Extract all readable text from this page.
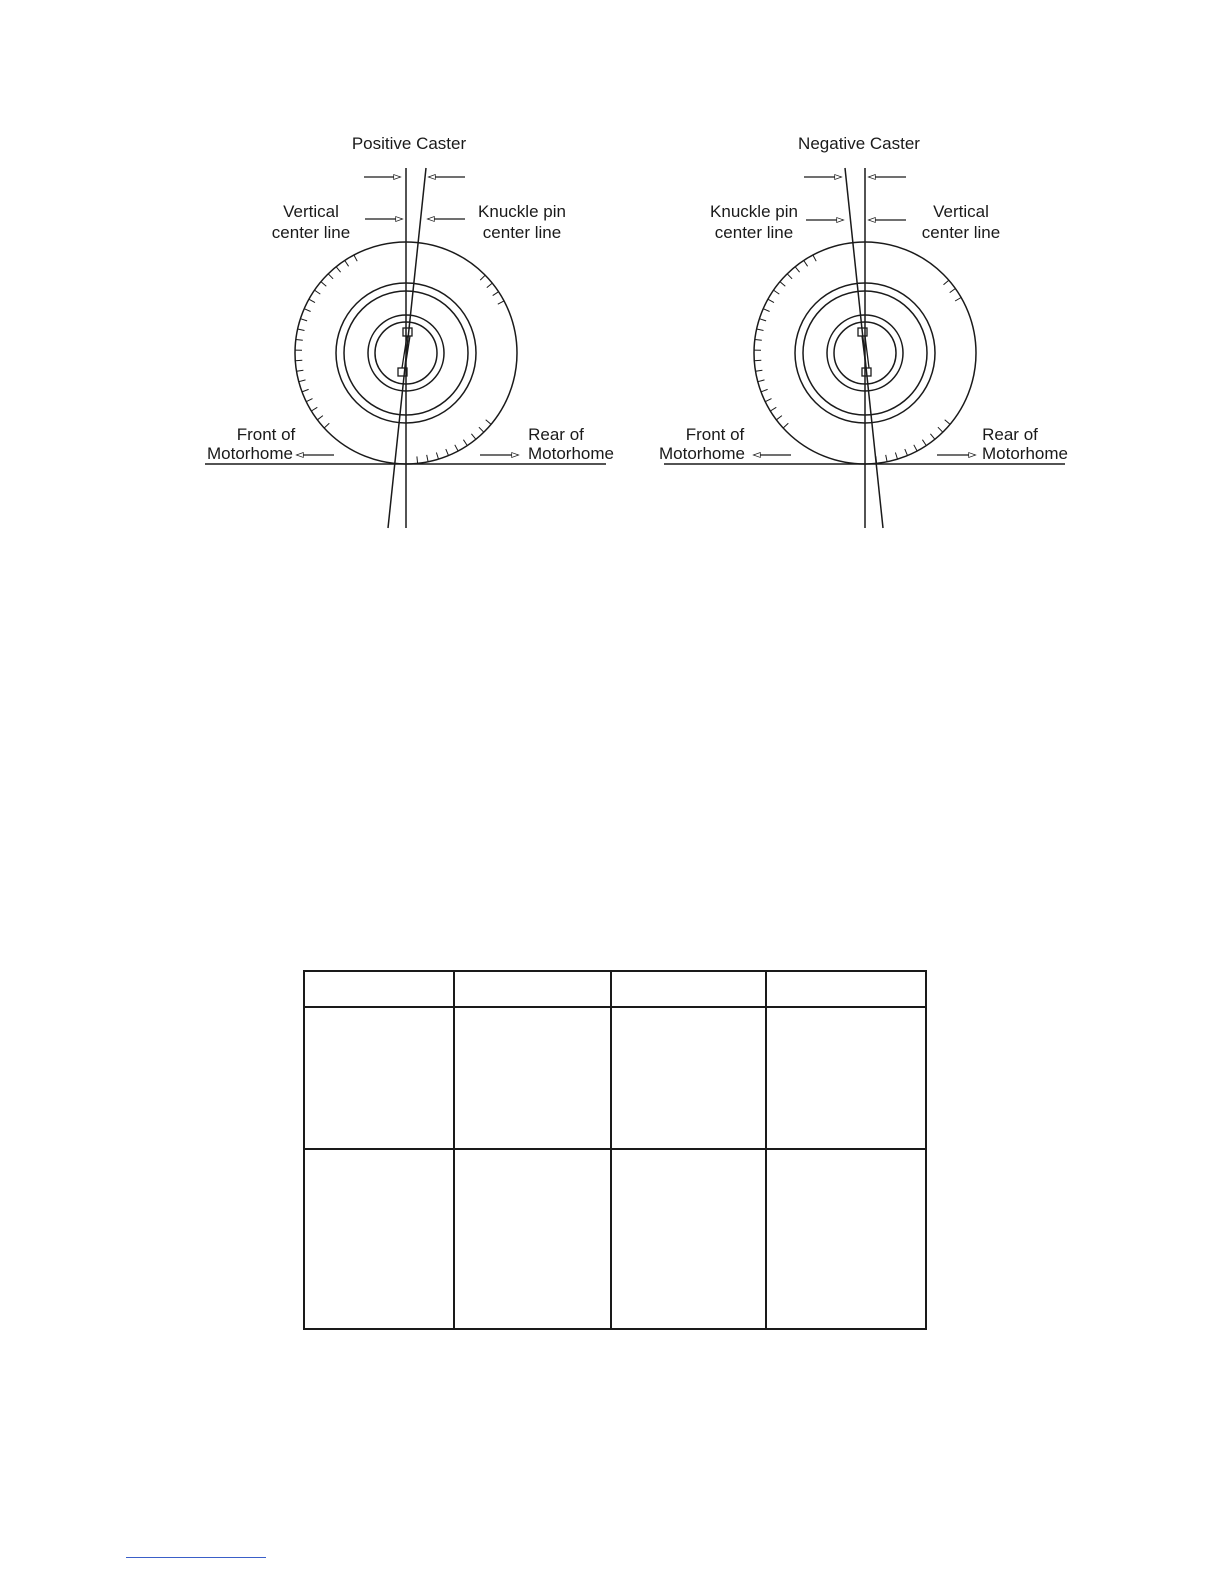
Positive Caster
Vertical
center line
Knuckle pin
center line
Front of
Motorhome
Rear of
Motorhome
Negative Caster
Knuckle pin
center line
Vertical
center line
Front of
Motorhome
Rear of
Motorhome
